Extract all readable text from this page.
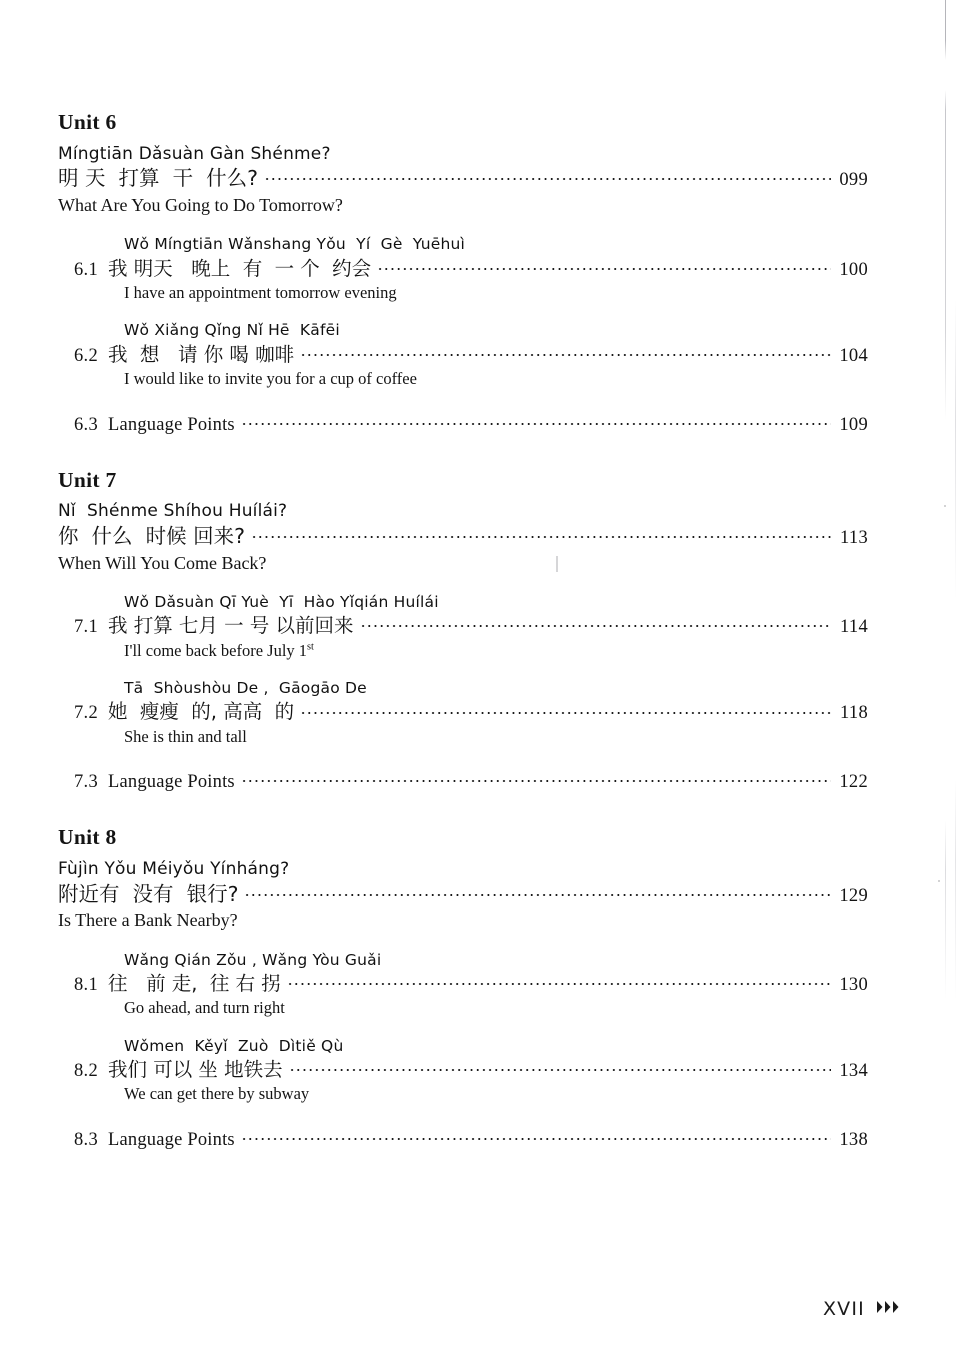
Unit 6
Míngtiān Dǎsuàn Gàn Shénme?
明 天  打算  干  什么?	099
What Are You Going to Do Tomorrow?
Wǒ Míngtiān Wǎnshang Yǒu  Yí  Gè  Yuēhuì
6.1 我 明天   晚上  有  一 个  约会	100
I have an appointment tomorrow evening
Wǒ Xiǎng Qǐng Nǐ Hē  Kāfēi
6.2 我  想   请 你 喝 咖啡	104
I would like to invite you for a cup of coffee
6.3 Language Points	109
Unit 7
Nǐ  Shénme Shíhou Huílái?
你  什么  时候 回来?	113
When Will You Come Back?
Wǒ Dǎsuàn Qī Yuè  Yī  Hào Yǐqián Huílái
7.1 我 打算 七月 一 号 以前回来	114
I'll come back before July 1st
Tā  Shòushòu De ,  Gāogāo De
7.2 她  瘦瘦  的, 高高  的	118
She is thin and tall
7.3 Language Points	122
Unit 8
Fùjìn Yǒu Méiyǒu Yínháng?
附近有  没有  银行?	129
Is There a Bank Nearby?
Wǎng Qián Zǒu , Wǎng Yòu Guǎi
8.1 往   前 走,  往 右 拐	130
Go ahead, and turn right
Wǒmen  Kěyǐ  Zuò  Dìtiě Qù
8.2 我们 可以 坐 地铁去	134
We can get there by subway
8.3 Language Points	138
XVII
